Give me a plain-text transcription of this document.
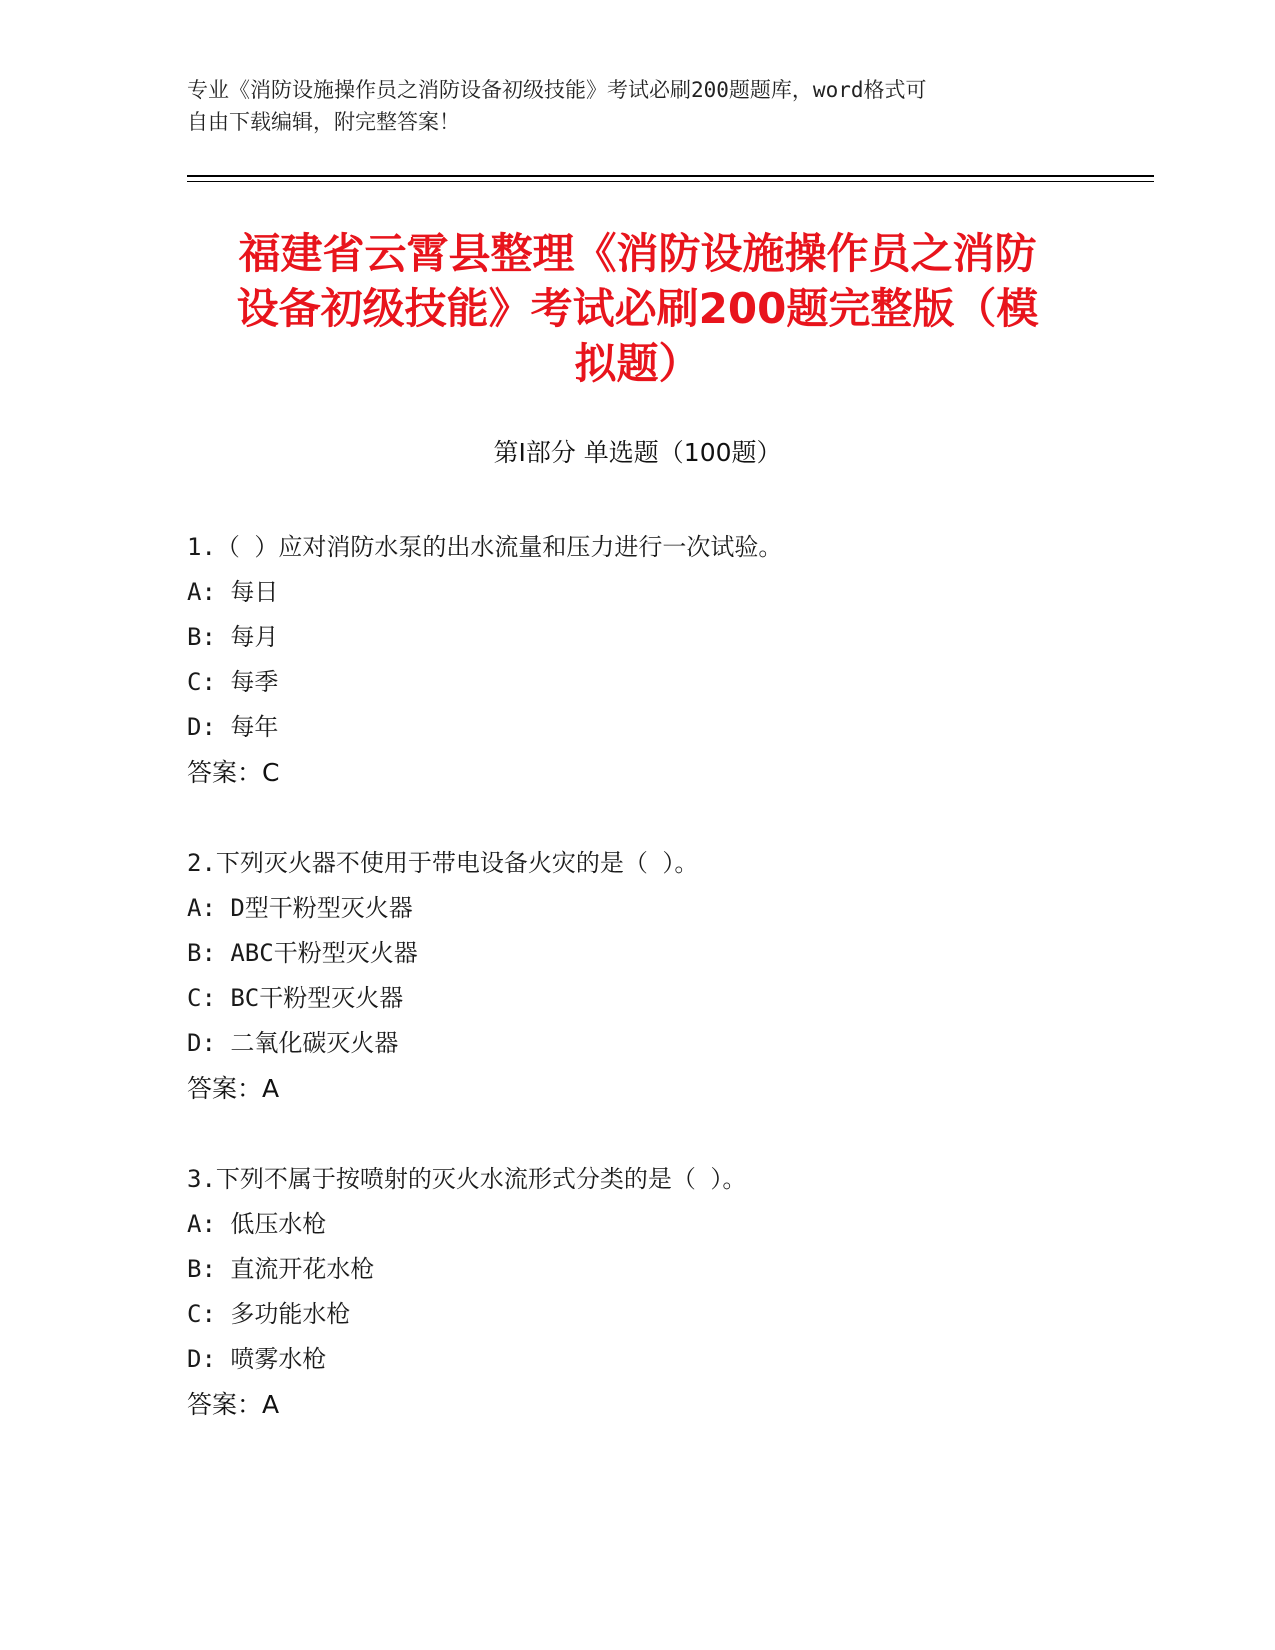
专业《消防设施操作员之消防设备初级技能》考试必刷200题题库，word格式可
自由下载编辑，附完整答案！
福建省云霄县整理《消防设施操作员之消防
设备初级技能》考试必刷200题完整版（模
拟题）
第Ⅰ部分 单选题（100题）
1.（ ）应对消防水泵的出水流量和压力进行一次试验。
A: 每日
B: 每月
C: 每季
D: 每年
答案：C
2.下列灭火器不使用于带电设备火灾的是（ ）。
A: D型干粉型灭火器
B: ABC干粉型灭火器
C: BC干粉型灭火器
D: 二氧化碳灭火器
答案：A
3.下列不属于按喷射的灭火水流形式分类的是（ ）。
A: 低压水枪
B: 直流开花水枪
C: 多功能水枪
D: 喷雾水枪
答案：A
